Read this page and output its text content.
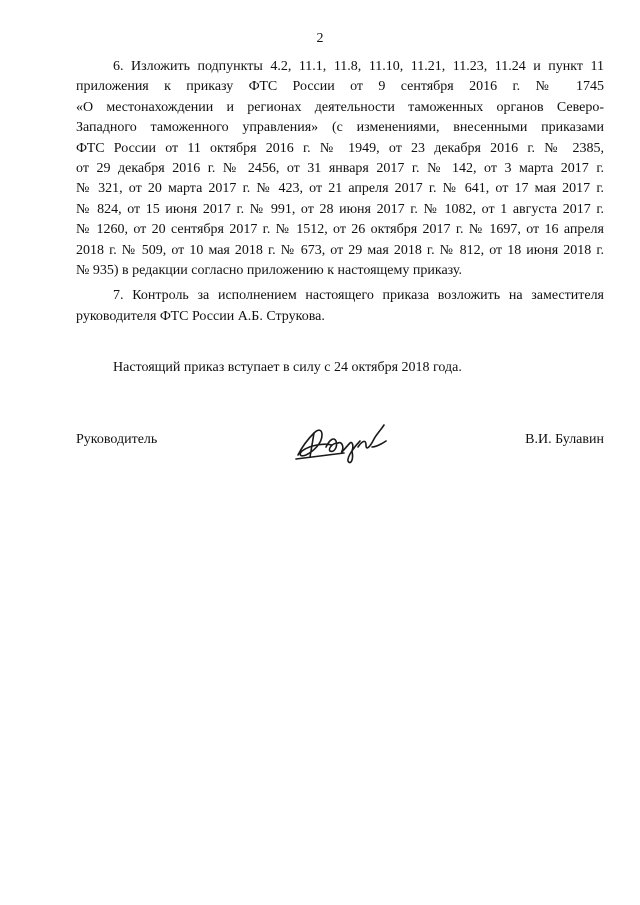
2
6. Изложить подпункты 4.2, 11.1, 11.8, 11.10, 11.21, 11.23, 11.24 и пункт 11
приложения к приказу ФТС России от 9 сентября 2016 г. № 1745
«О местонахождении и регионах деятельности таможенных органов Северо-
Западного таможенного управления» (с изменениями, внесенными приказами
ФТС России от 11 октября 2016 г. № 1949, от 23 декабря 2016 г. № 2385,
от 29 декабря 2016 г. № 2456, от 31 января 2017 г. № 142, от 3 марта 2017 г.
№ 321, от 20 марта 2017 г. № 423, от 21 апреля 2017 г. № 641, от 17 мая 2017 г.
№ 824, от 15 июня 2017 г. № 991, от 28 июня 2017 г. № 1082, от 1 августа 2017 г.
№ 1260, от 20 сентября 2017 г. № 1512, от 26 октября 2017 г. № 1697, от 16 апреля
2018 г. № 509, от 10 мая 2018 г. № 673, от 29 мая 2018 г. № 812, от 18 июня 2018 г.
№ 935) в редакции согласно приложению к настоящему приказу.
7. Контроль за исполнением настоящего приказа возложить на заместителя
руководителя ФТС России А.Б. Струкова.
Настоящий приказ вступает в силу с 24 октября 2018 года.
Руководитель	В.И. Булавин
